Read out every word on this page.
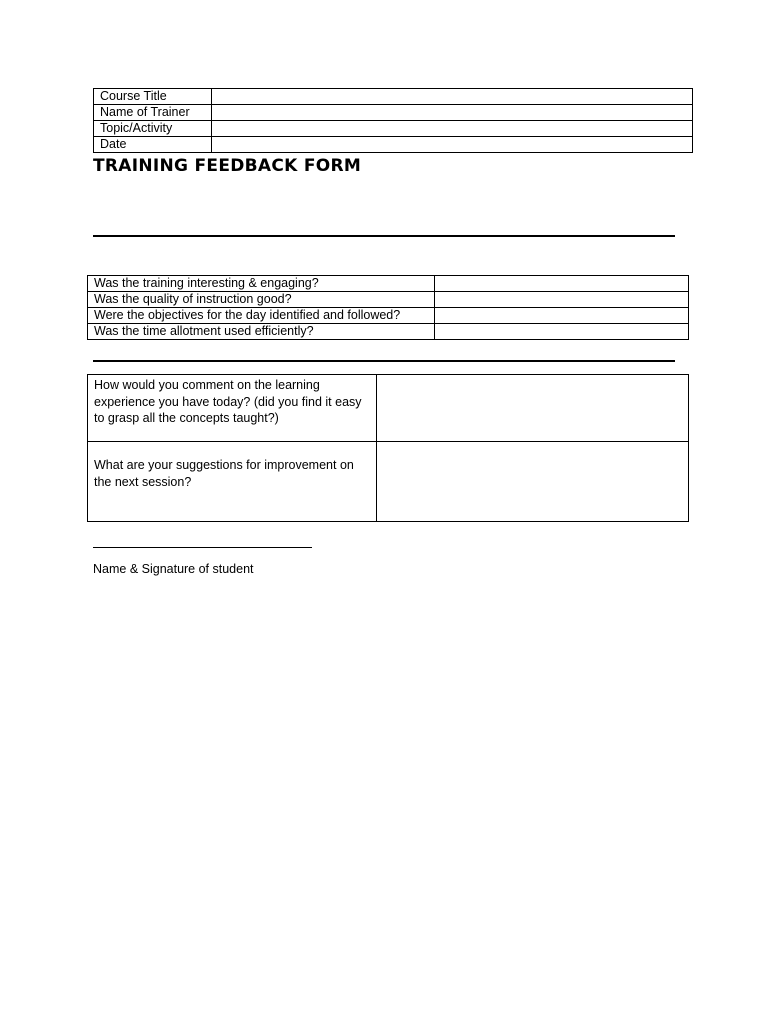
Course Title	
Name of Trainer	
Topic/Activity	
Date	
TRAINING FEEDBACK FORM
Was the training interesting & engaging?	
Was the quality of instruction good?	
Were the objectives for the day identified and followed?	
Was the time allotment used efficiently?	
How would you comment on the learning experience you have today? (did you find it easy to grasp all the concepts taught?)	
What are your suggestions for improvement on the next session?	
Name & Signature of student
